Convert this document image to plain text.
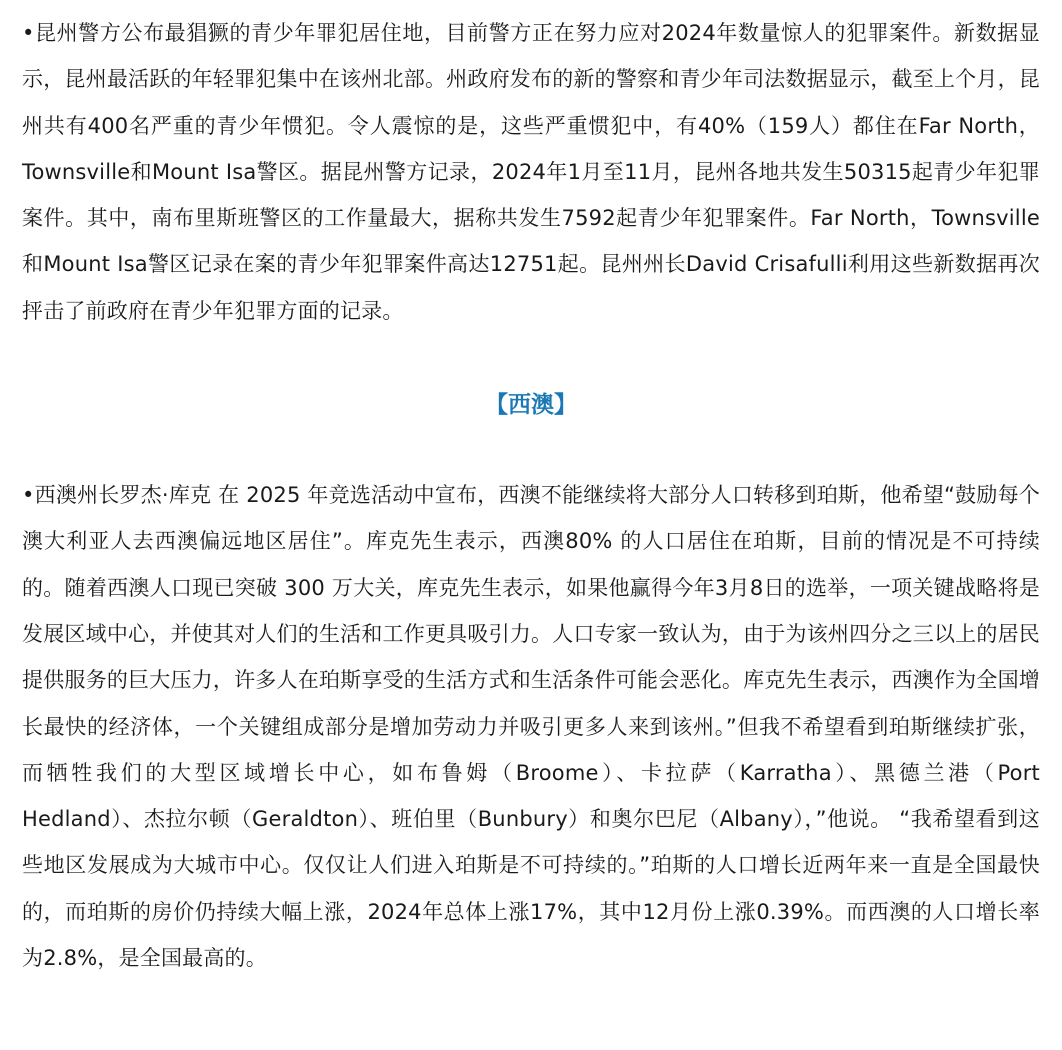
•昆州警方公布最猖獗的青少年罪犯居住地，目前警方正在努力应对2024年数量惊人的犯罪案件。新数据显示，昆州最活跃的年轻罪犯集中在该州北部。州政府发布的新的警察和青少年司法数据显示，截至上个月，昆州共有400名严重的青少年惯犯。令人震惊的是，这些严重惯犯中，有40%（159人）都住在Far North，Townsville和Mount Isa警区。据昆州警方记录，2024年1月至11月，昆州各地共发生50315起青少年犯罪案件。其中，南布里斯班警区的工作量最大，据称共发生7592起青少年犯罪案件。Far North，Townsville和Mount Isa警区记录在案的青少年犯罪案件高达12751起。昆州州长David Crisafulli利用这些新数据再次抨击了前政府在青少年犯罪方面的记录。

【西澳】

•西澳州长罗杰·库克 在 2025 年竞选活动中宣布，西澳不能继续将大部分人口转移到珀斯，他希望“鼓励每个澳大利亚人去西澳偏远地区居住”。库克先生表示，西澳80% 的人口居住在珀斯，目前的情况是不可持续的。随着西澳人口现已突破 300 万大关，库克先生表示，如果他赢得今年3月8日的选举，一项关键战略将是发展区域中心，并使其对人们的生活和工作更具吸引力。人口专家一致认为，由于为该州四分之三以上的居民提供服务的巨大压力，许多人在珀斯享受的生活方式和生活条件可能会恶化。库克先生表示，西澳作为全国增长最快的经济体，一个关键组成部分是增加劳动力并吸引更多人来到该州。”但我不希望看到珀斯继续扩张，而牺牲我们的大型区域增长中心，如布鲁姆（Broome）、卡拉萨（Karratha）、黑德兰港（Port Hedland）、杰拉尔顿（Geraldton）、班伯里（Bunbury）和奥尔巴尼（Albany），”他说。 “我希望看到这些地区发展成为大城市中心。仅仅让人们进入珀斯是不可持续的。”珀斯的人口增长近两年来一直是全国最快的，而珀斯的房价仍持续大幅上涨，2024年总体上涨17%，其中12月份上涨0.39%。而西澳的人口增长率为2.8%，是全国最高的。
